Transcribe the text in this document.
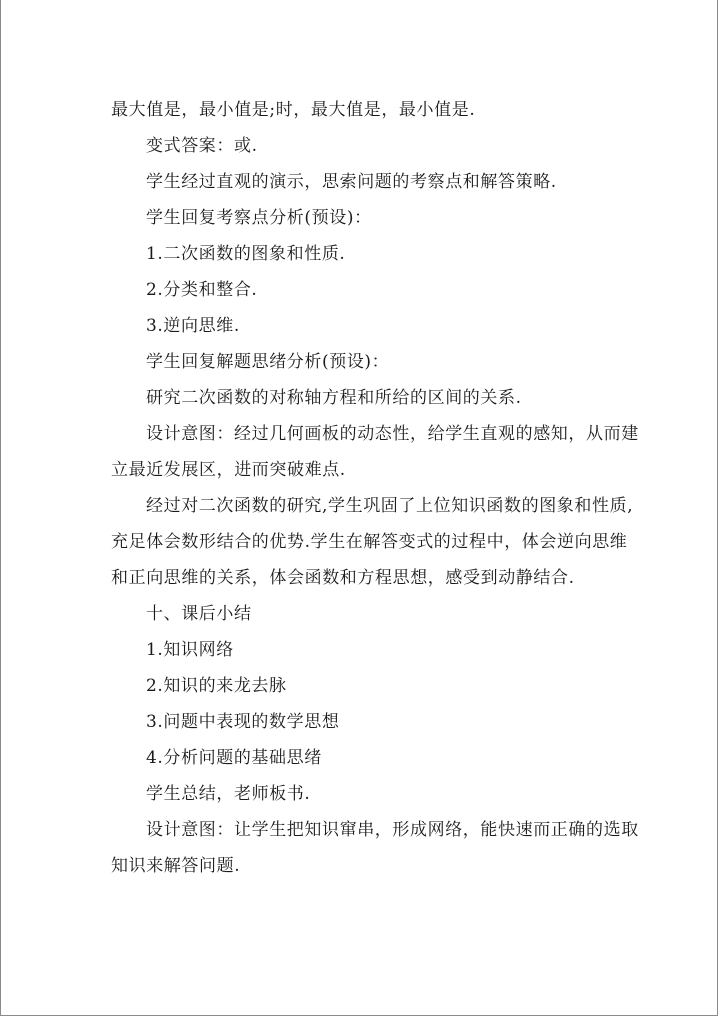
最大值是，最小值是;时，最大值是，最小值是.

变式答案：或.

学生经过直观的演示，思索问题的考察点和解答策略.

学生回复考察点分析(预设)：

1.二次函数的图象和性质.

2.分类和整合.

3.逆向思维.

学生回复解题思绪分析(预设)：

研究二次函数的对称轴方程和所给的区间的关系.

设计意图：经过几何画板的动态性，给学生直观的感知，从而建

立最近发展区，进而突破难点.

经过对二次函数的研究,学生巩固了上位知识函数的图象和性质,

充足体会数形结合的优势.学生在解答变式的过程中，体会逆向思维

和正向思维的关系，体会函数和方程思想，感受到动静结合.

十、课后小结

1.知识网络

2.知识的来龙去脉

3.问题中表现的数学思想

4.分析问题的基础思绪

学生总结，老师板书.

设计意图：让学生把知识窜串，形成网络，能快速而正确的选取

知识来解答问题.
